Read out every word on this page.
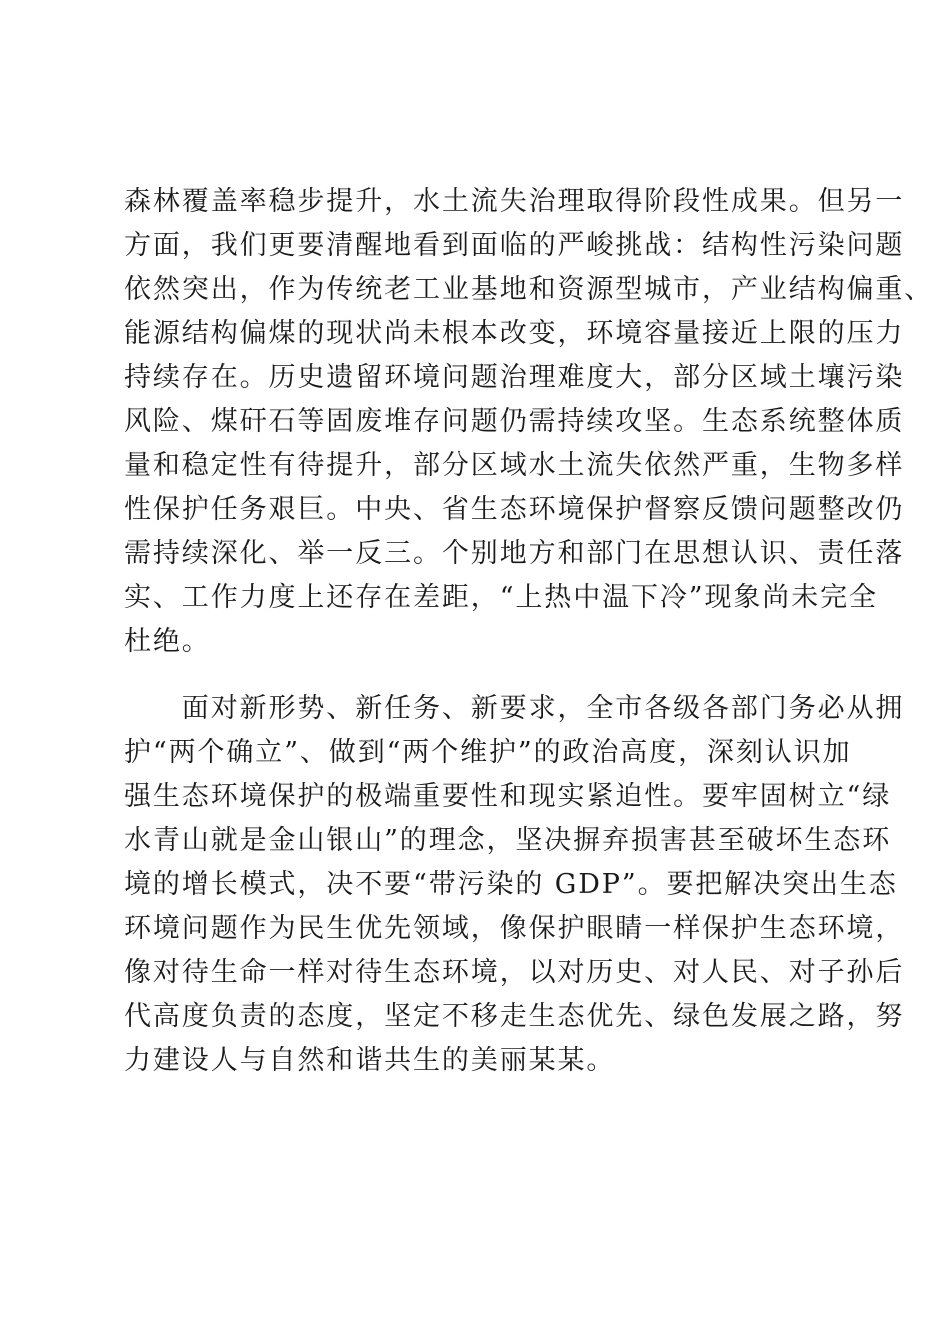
森林覆盖率稳步提升，水土流失治理取得阶段性成果。但另一
方面，我们更要清醒地看到面临的严峻挑战：结构性污染问题
依然突出，作为传统老工业基地和资源型城市，产业结构偏重、
能源结构偏煤的现状尚未根本改变，环境容量接近上限的压力
持续存在。历史遗留环境问题治理难度大，部分区域土壤污染
风险、煤矸石等固废堆存问题仍需持续攻坚。生态系统整体质
量和稳定性有待提升，部分区域水土流失依然严重，生物多样
性保护任务艰巨。中央、省生态环境保护督察反馈问题整改仍
需持续深化、举一反三。个别地方和部门在思想认识、责任落
实、工作力度上还存在差距，“上热中温下冷”现象尚未完全
杜绝。
　　面对新形势、新任务、新要求，全市各级各部门务必从拥
护“两个确立”、做到“两个维护”的政治高度，深刻认识加
强生态环境保护的极端重要性和现实紧迫性。要牢固树立“绿
水青山就是金山银山”的理念，坚决摒弃损害甚至破坏生态环
境的增长模式，决不要“带污染的 GDP”。要把解决突出生态
环境问题作为民生优先领域，像保护眼睛一样保护生态环境，
像对待生命一样对待生态环境，以对历史、对人民、对子孙后
代高度负责的态度，坚定不移走生态优先、绿色发展之路，努
力建设人与自然和谐共生的美丽某某。
